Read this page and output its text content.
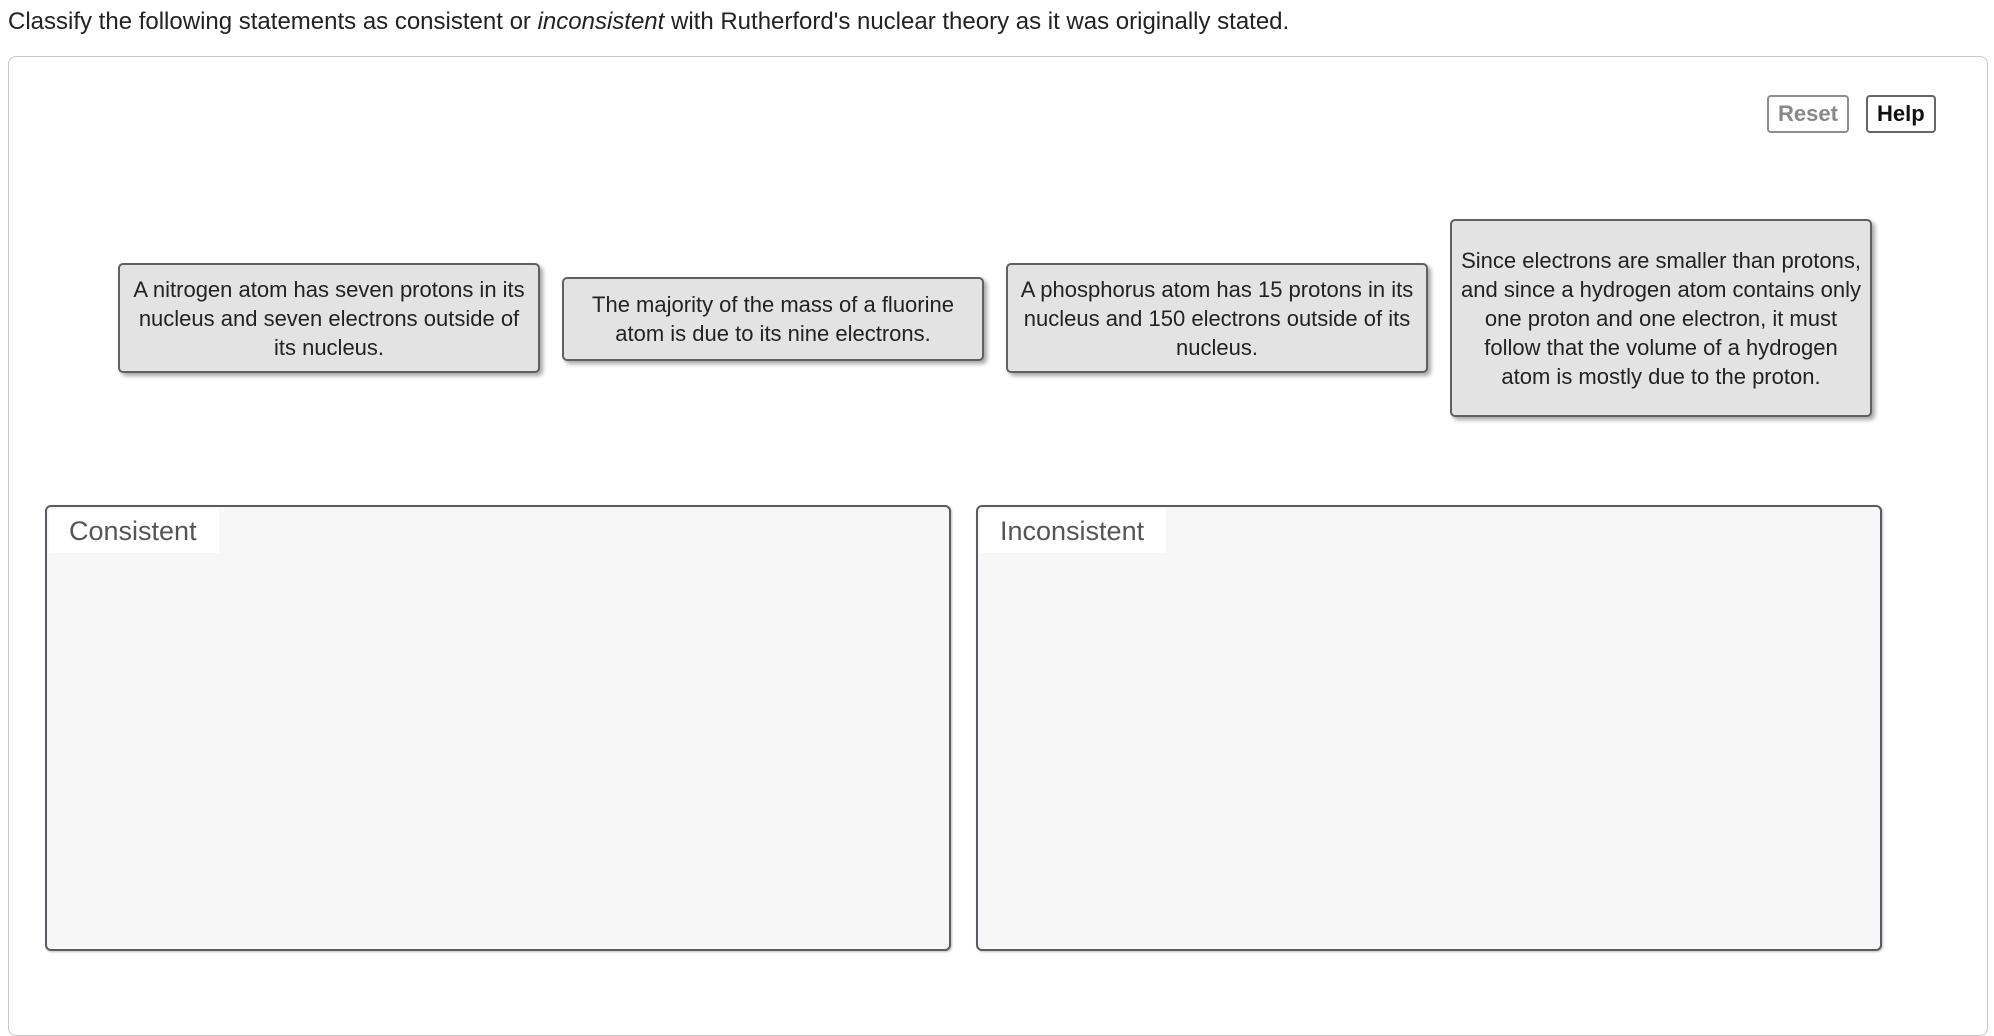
Classify the following statements as consistent or inconsistent with Rutherford's nuclear theory as it was originally stated.
Reset	Help
A nitrogen atom has seven protons in its nucleus and seven electrons outside of its nucleus.
The majority of the mass of a fluorine atom is due to its nine electrons.
A phosphorus atom has 15 protons in its nucleus and 150 electrons outside of its nucleus.
Since electrons are smaller than protons, and since a hydrogen atom contains only one proton and one electron, it must follow that the volume of a hydrogen atom is mostly due to the proton.
Consistent	Inconsistent
